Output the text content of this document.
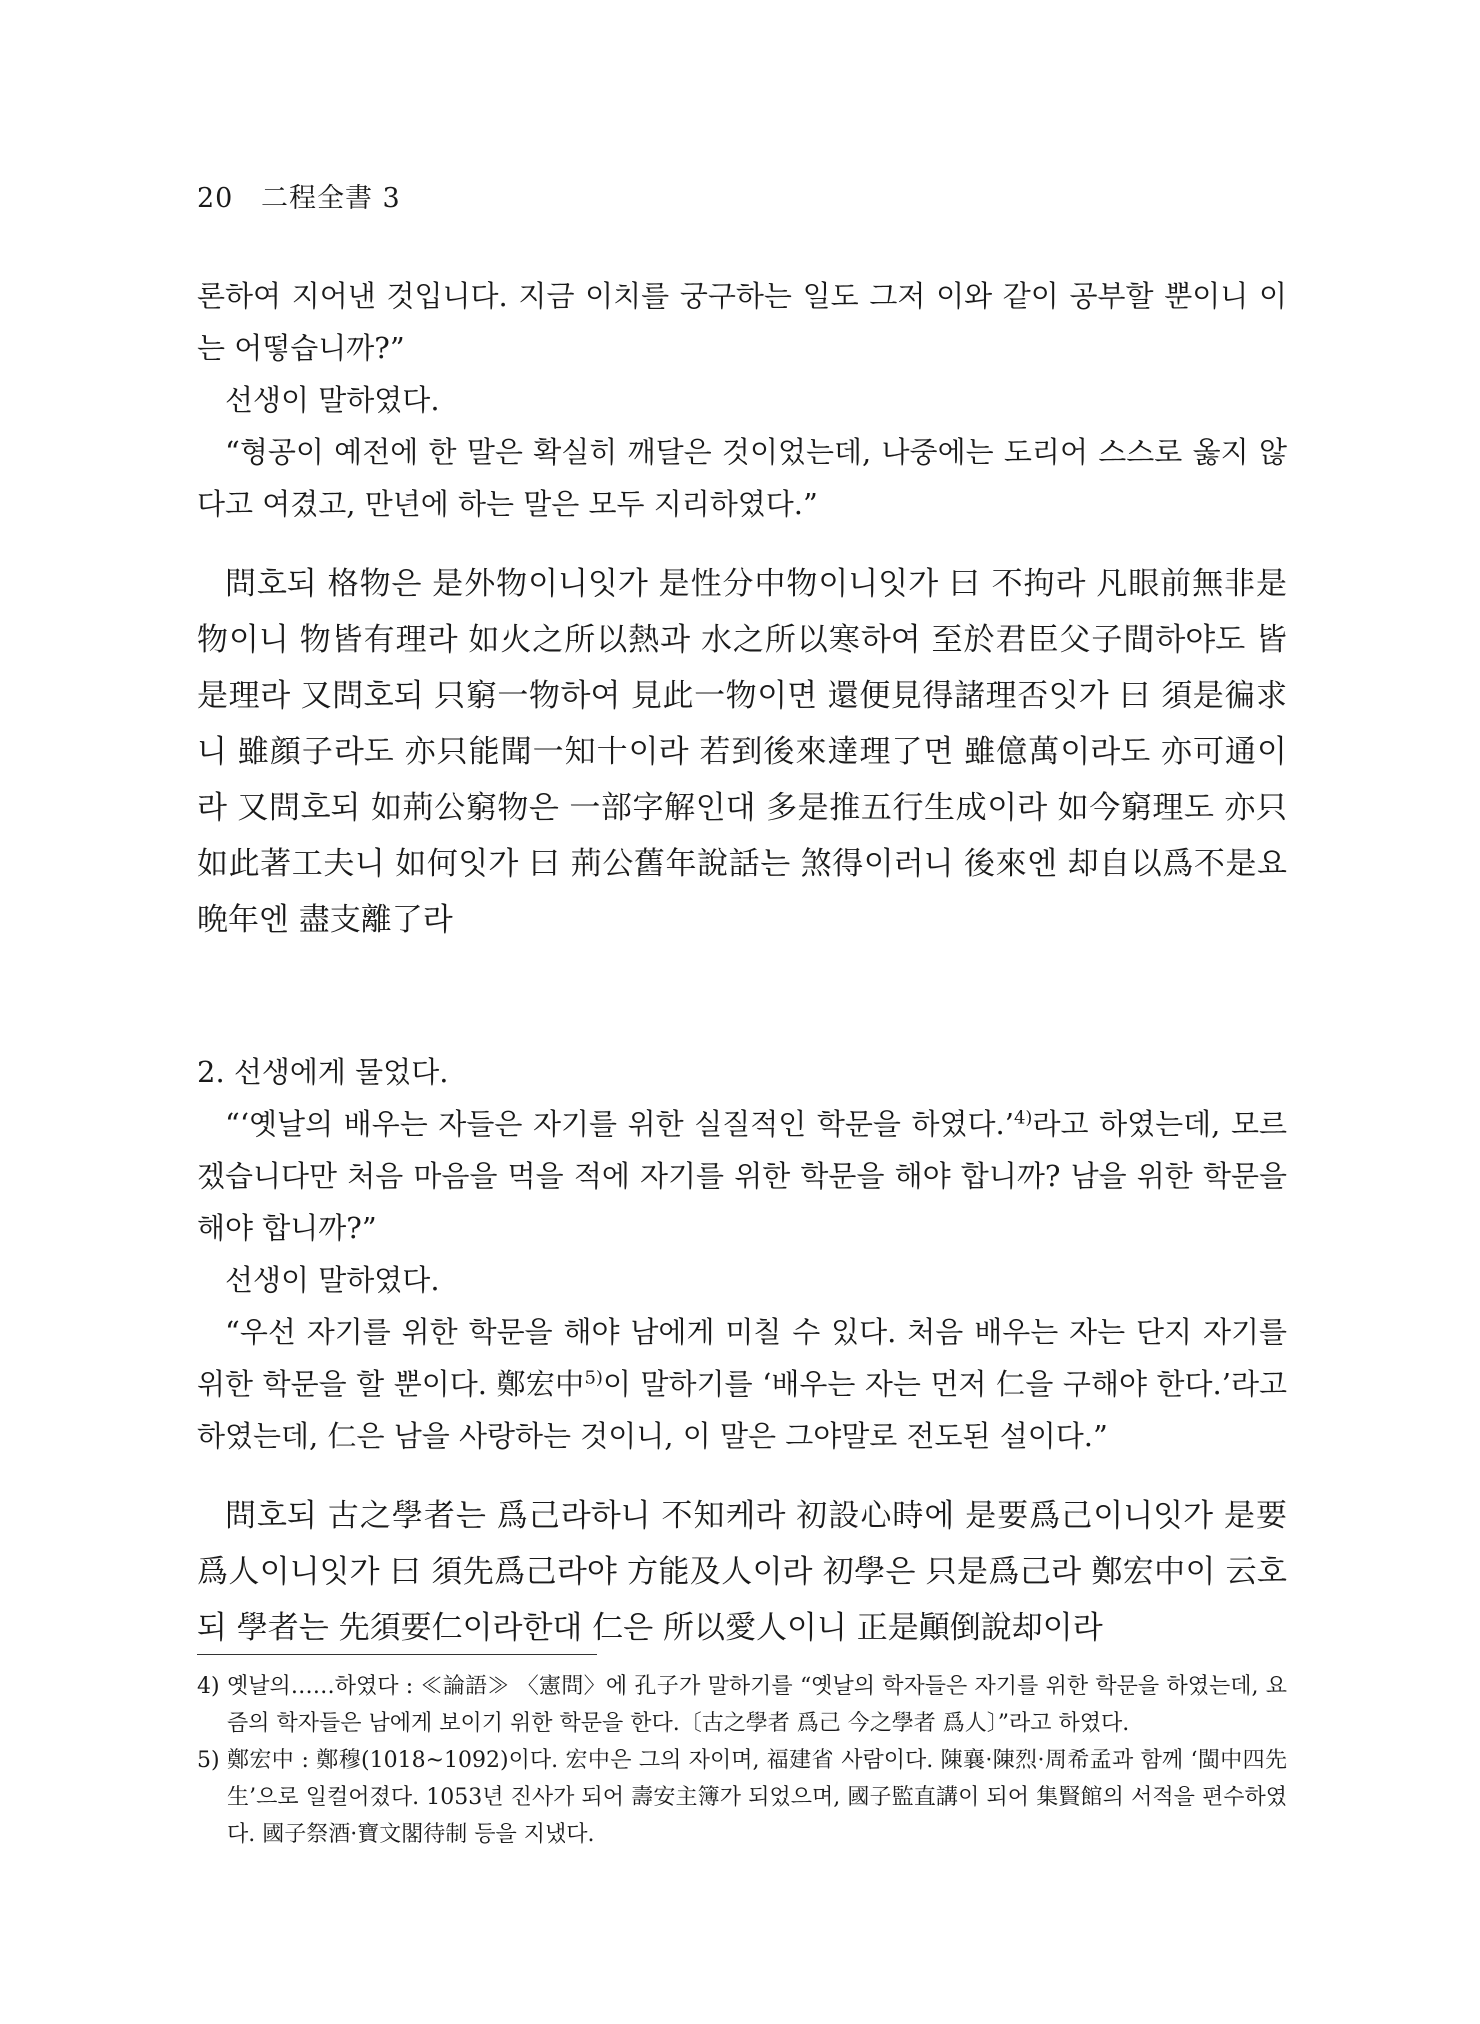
20 二程全書 3

론하여 지어낸 것입니다. 지금 이치를 궁구하는 일도 그저 이와 같이 공부할 뿐이니 이는 어떻습니까?”

선생이 말하였다.

“형공이 예전에 한 말은 확실히 깨달은 것이었는데, 나중에는 도리어 스스로 옳지 않다고 여겼고, 만년에 하는 말은 모두 지리하였다.”

問호되 格物은 是外物이니잇가 是性分中物이니잇가 曰 不拘라 凡眼前無非是物이니 物皆有理라 如火之所以熱과 水之所以寒하여 至於君臣父子間하야도 皆是理라 又問호되 只窮一物하여 見此一物이면 還便見得諸理否잇가 曰 須是徧求니 雖顔子라도 亦只能聞一知十이라 若到後來達理了면 雖億萬이라도 亦可通이라 又問호되 如荊公窮物은 一部字解인대 多是推五行生成이라 如今窮理도 亦只如此著工夫니 如何잇가 曰 荊公舊年說話는 煞得이러니 後來엔 却自以爲不是요 晩年엔 盡支離了라

2. 선생에게 물었다.

“‘옛날의 배우는 자들은 자기를 위한 실질적인 학문을 하였다.’$^{4)}$라고 하였는데, 모르겠습니다만 처음 마음을 먹을 적에 자기를 위한 학문을 해야 합니까? 남을 위한 학문을 해야 합니까?”

선생이 말하였다.

“우선 자기를 위한 학문을 해야 남에게 미칠 수 있다. 처음 배우는 자는 단지 자기를 위한 학문을 할 뿐이다. 鄭宏中$^{5)}$이 말하기를 ‘배우는 자는 먼저 仁을 구해야 한다.’라고 하였는데, 仁은 남을 사랑하는 것이니, 이 말은 그야말로 전도된 설이다.”

問호되 古之學者는 爲己라하니 不知케라 初設心時에 是要爲己이니잇가 是要爲人이니잇가 曰 須先爲己라야 方能及人이라 初學은 只是爲己라 鄭宏中이 云호되 學者는 先須要仁이라한대 仁은 所以愛人이니 正是顚倒說却이라

4) 옛날의……하였다 : ≪論語≫ 〈憲問〉에 孔子가 말하기를 “옛날의 학자들은 자기를 위한 학문을 하였는데, 요즘의 학자들은 남에게 보이기 위한 학문을 한다.〔古之學者 爲己 今之學者 爲人〕”라고 하였다.
5) 鄭宏中 : 鄭穆(1018~1092)이다. 宏中은 그의 자이며, 福建省 사람이다. 陳襄·陳烈·周希孟과 함께 ‘閩中四先生’으로 일컬어졌다. 1053년 진사가 되어 壽安主簿가 되었으며, 國子監直講이 되어 集賢館의 서적을 편수하였다. 國子祭酒·寶文閣待制 등을 지냈다.
